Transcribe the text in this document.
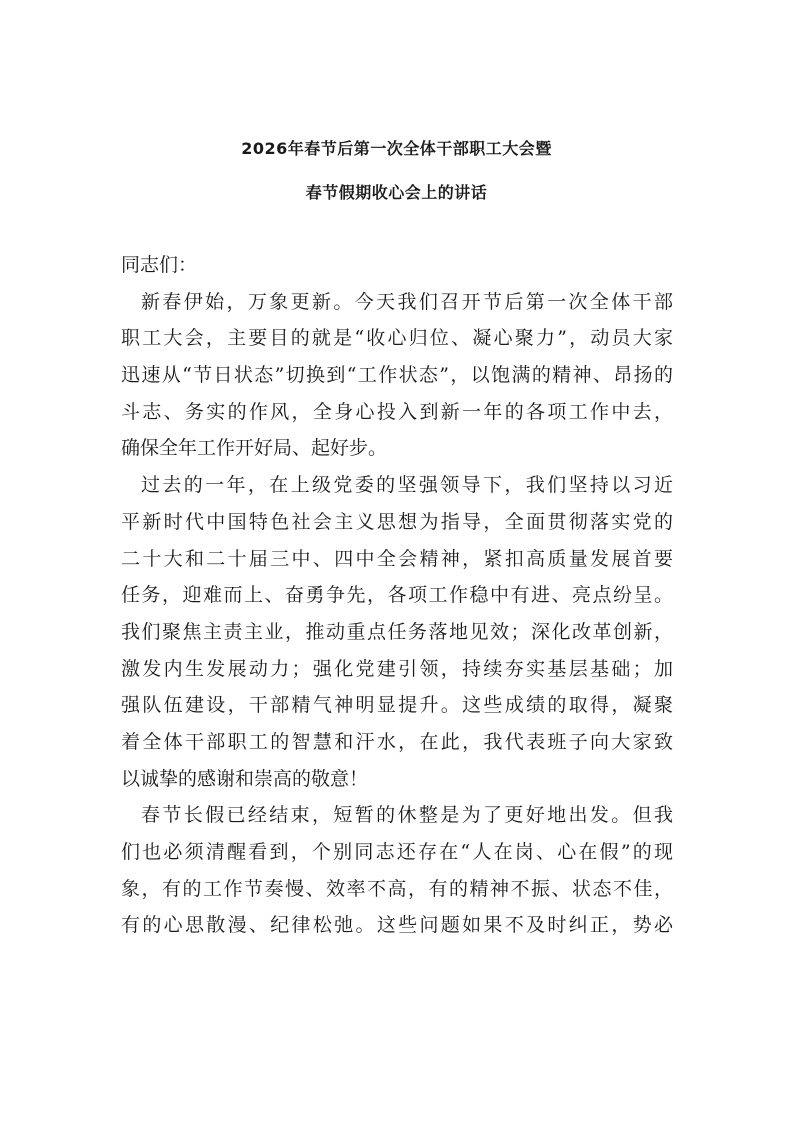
2026年春节后第一次全体干部职工大会暨
春节假期收心会上的讲话
同志们：
新春伊始，万象更新。今天我们召开节后第一次全体干部
职工大会，主要目的就是“收心归位、凝心聚力”，动员大家
迅速从“节日状态”切换到“工作状态”，以饱满的精神、昂扬的
斗志、务实的作风，全身心投入到新一年的各项工作中去，
确保全年工作开好局、起好步。
过去的一年，在上级党委的坚强领导下，我们坚持以习近
平新时代中国特色社会主义思想为指导，全面贯彻落实党的
二十大和二十届三中、四中全会精神，紧扣高质量发展首要
任务，迎难而上、奋勇争先，各项工作稳中有进、亮点纷呈。
我们聚焦主责主业，推动重点任务落地见效；深化改革创新，
激发内生发展动力；强化党建引领，持续夯实基层基础；加
强队伍建设，干部精气神明显提升。这些成绩的取得，凝聚
着全体干部职工的智慧和汗水，在此，我代表班子向大家致
以诚挚的感谢和崇高的敬意！
春节长假已经结束，短暂的休整是为了更好地出发。但我
们也必须清醒看到，个别同志还存在“人在岗、心在假”的现
象，有的工作节奏慢、效率不高，有的精神不振、状态不佳，
有的心思散漫、纪律松弛。这些问题如果不及时纠正，势必
